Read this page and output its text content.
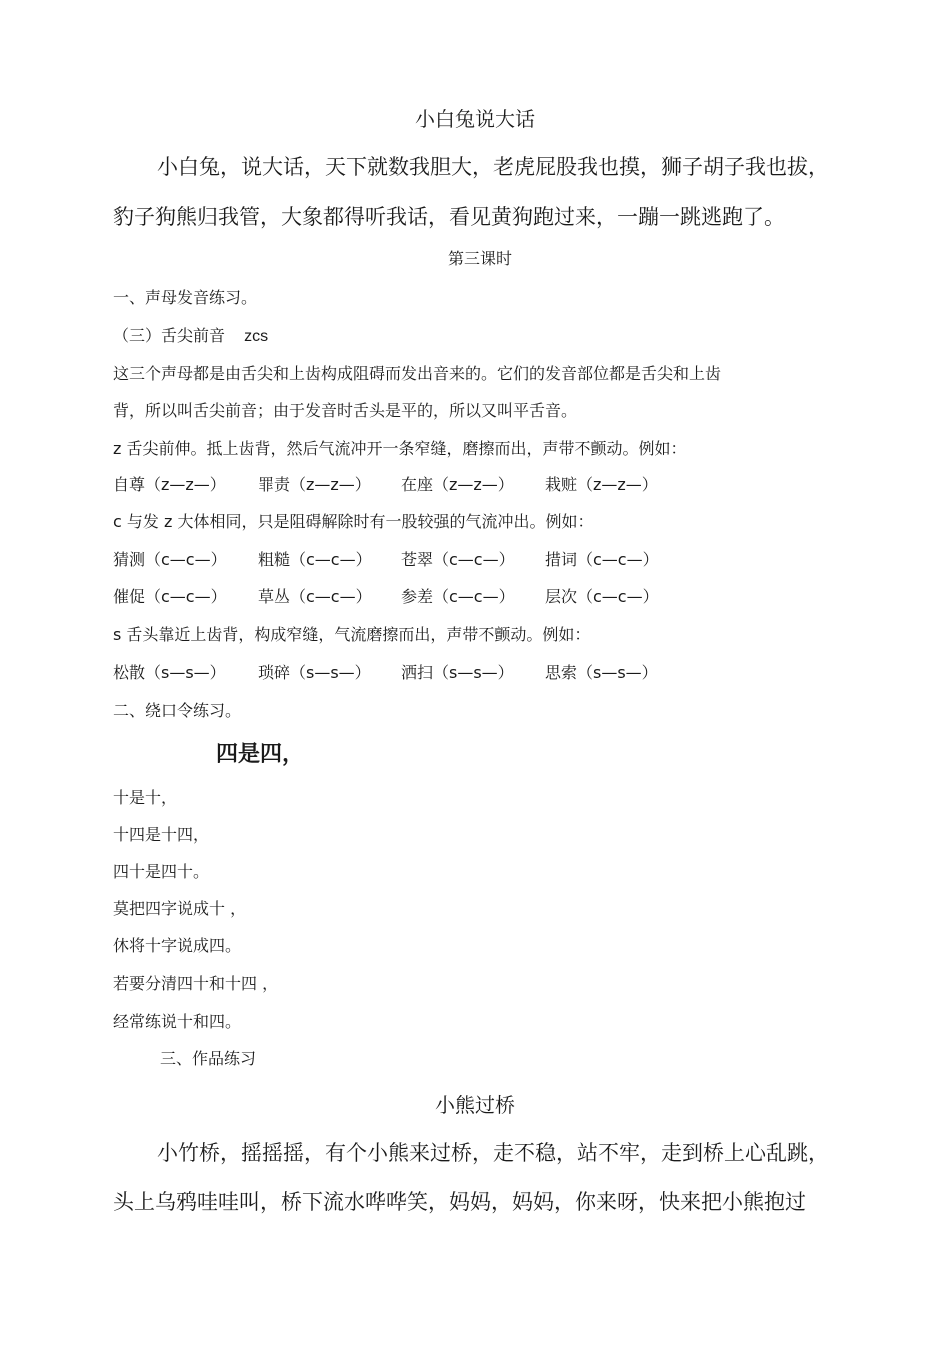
小白兔说大话
小白兔，说大话，天下就数我胆大，老虎屁股我也摸，狮子胡子我也拔，
豹子狗熊归我管，大象都得听我话，看见黄狗跑过来，一蹦一跳逃跑了。
第三课时
一、声母发音练习。
（三）舌尖前音 zcs
这三个声母都是由舌尖和上齿构成阻碍而发出音来的。它们的发音部位都是舌尖和上齿
背，所以叫舌尖前音；由于发音时舌头是平的，所以又叫平舌音。
z 舌尖前伸。抵上齿背，然后气流冲开一条窄缝，磨擦而出，声带不颤动。例如：
自尊（z—z—） 罪责（z—z—） 在座（z—z—） 栽赃（z—z—）
c 与发 z 大体相同，只是阻碍解除时有一股较强的气流冲出。例如：
猜测（c—c—） 粗糙（c—c—） 苍翠（c—c—） 措词（c—c—）
催促（c—c—） 草丛（c—c—） 参差（c—c—） 层次（c—c—）
s 舌头靠近上齿背，构成窄缝，气流磨擦而出，声带不颤动。例如：
松散（s—s—） 琐碎（s—s—） 洒扫（s—s—） 思索（s—s—）
二、绕口令练习。
四是四，
十是十，
十四是十四，
四十是四十。
莫把四字说成十 ，
休将十字说成四。
若要分清四十和十四 ，
经常练说十和四。
三、作品练习
小熊过桥
小竹桥，摇摇摇，有个小熊来过桥，走不稳，站不牢，走到桥上心乱跳，
头上乌鸦哇哇叫，桥下流水哗哗笑，妈妈，妈妈，你来呀，快来把小熊抱过
